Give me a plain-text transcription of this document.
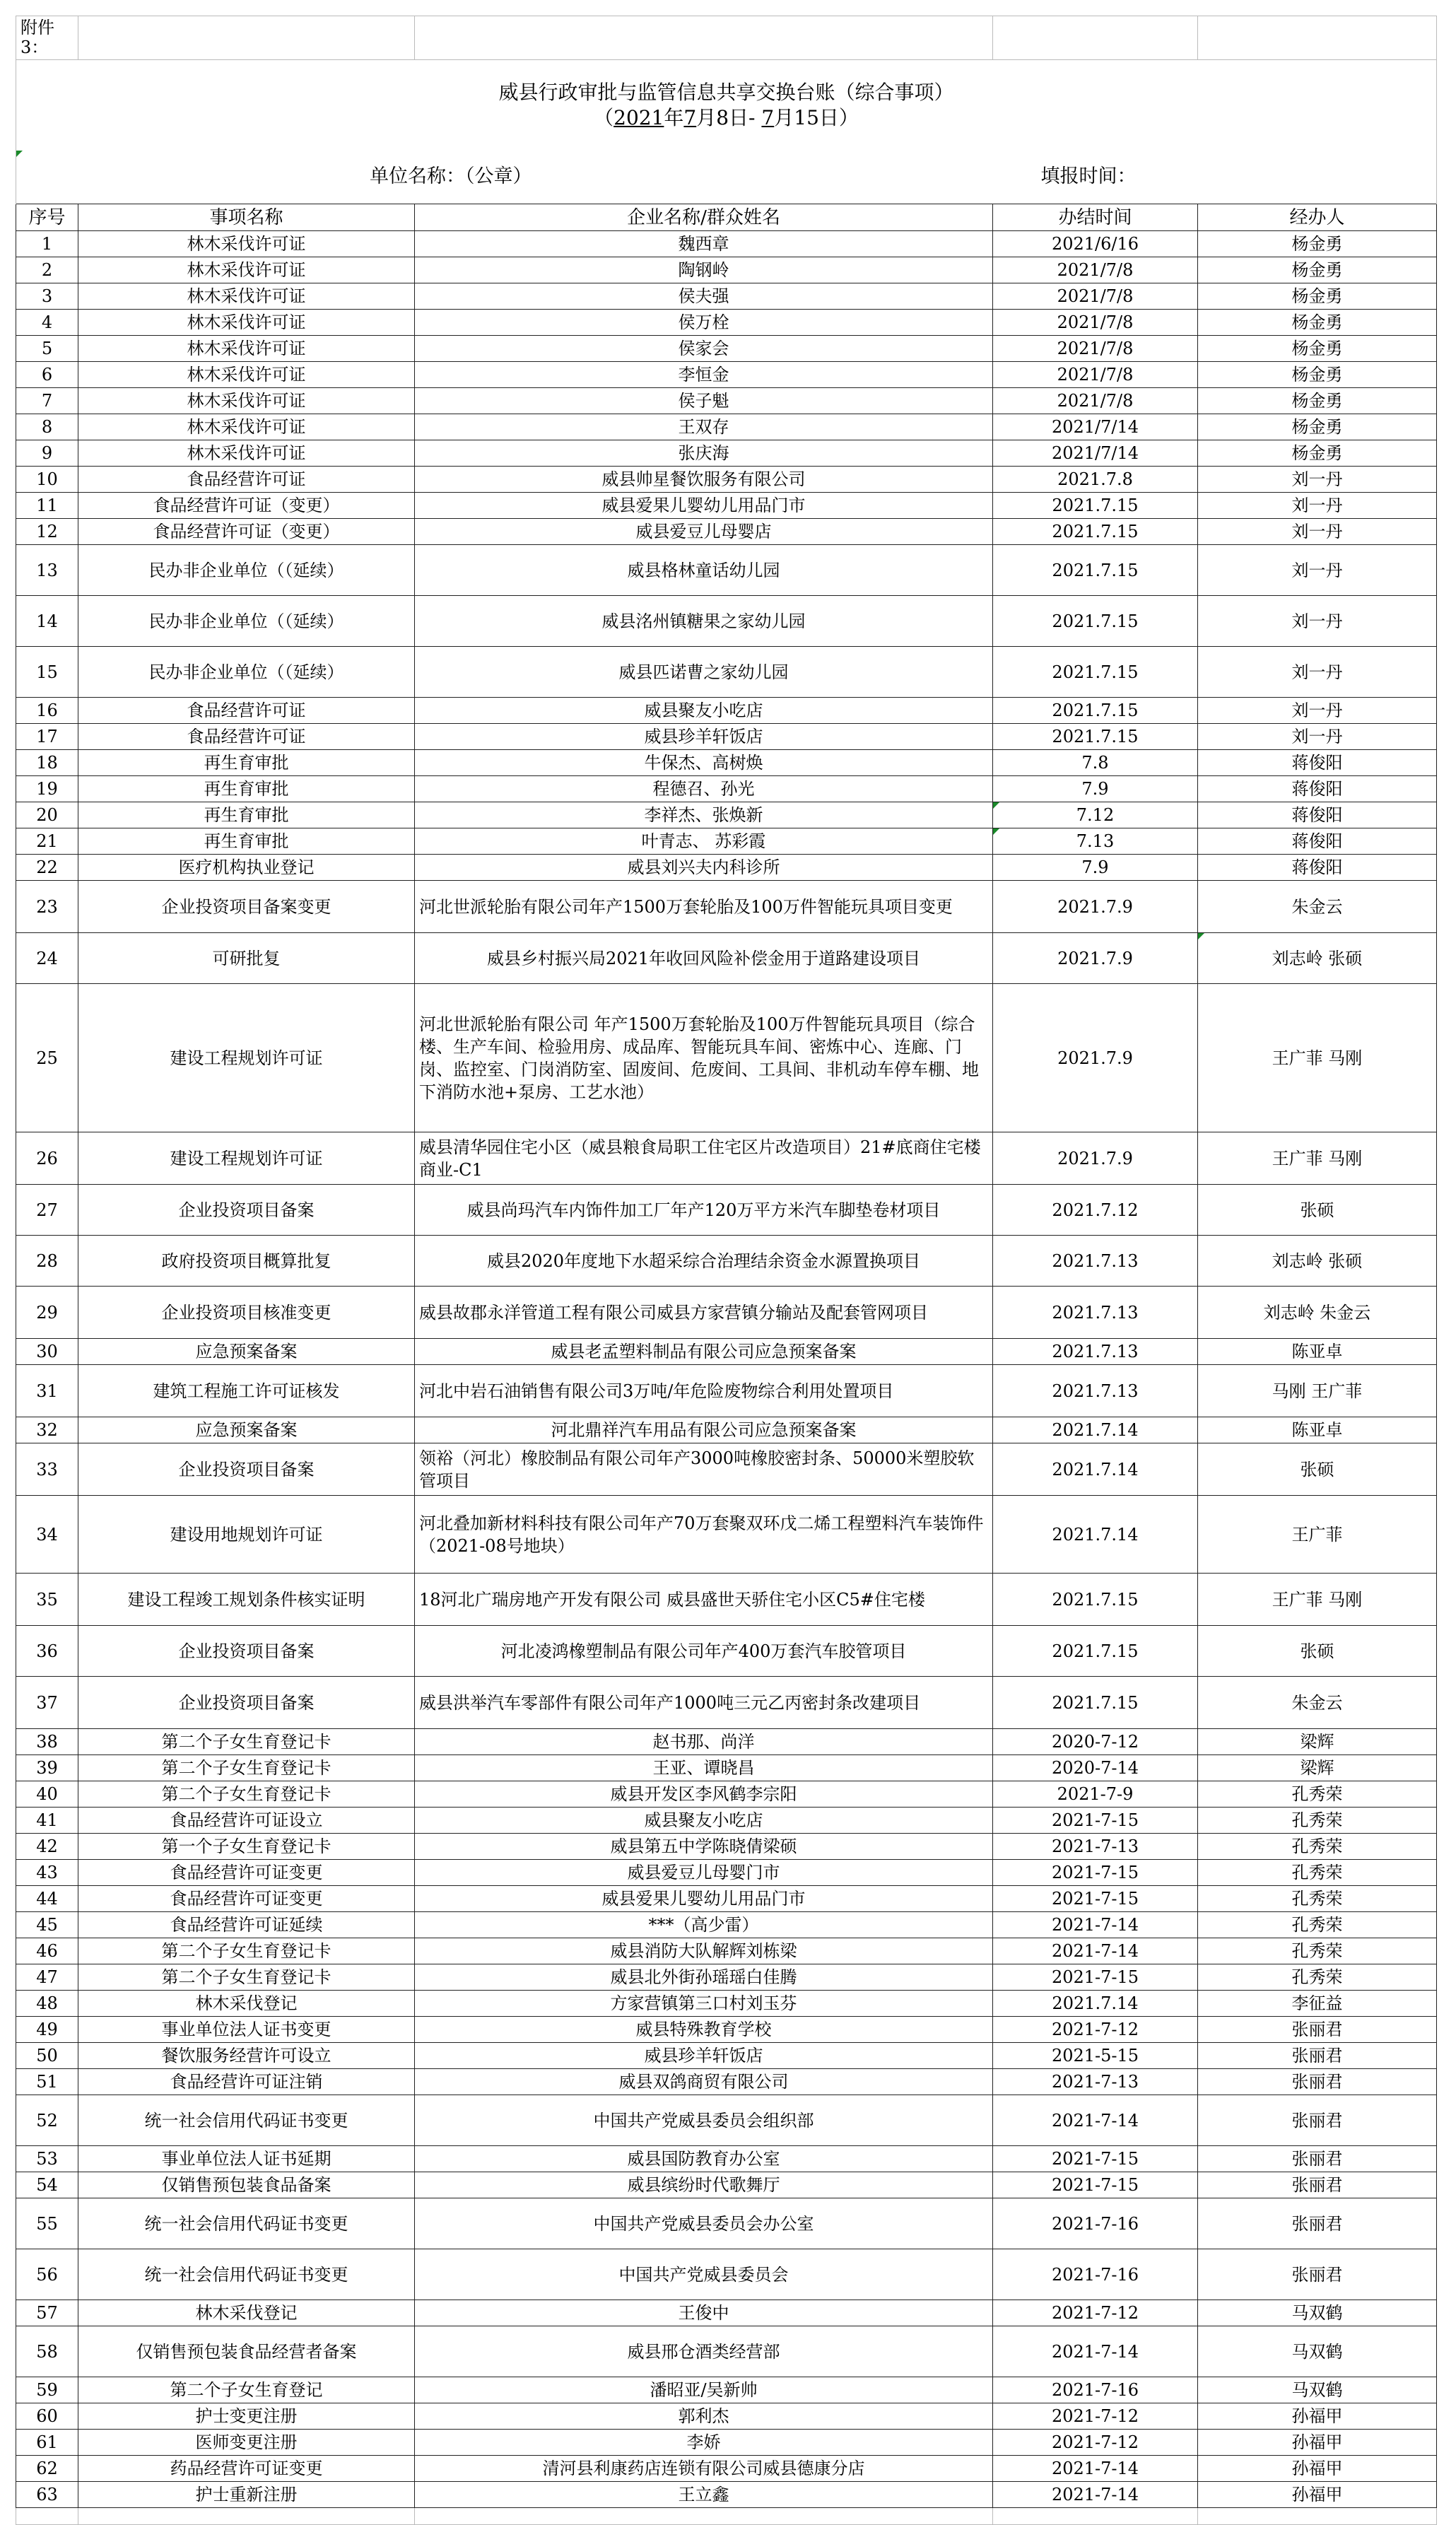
附件3：				

威县行政审批与监管信息共享交换台账（综合事项）
（2021年7月8日- 7月15日）				

单位名称：（公章） 填报时间：				
序号	事项名称	企业名称/群众姓名	办结时间	经办人
1	林木采伐许可证	魏西章	2021/6/16	杨金勇
2	林木采伐许可证	陶钢岭	2021/7/8	杨金勇
3	林木采伐许可证	侯夫强	2021/7/8	杨金勇
4	林木采伐许可证	侯万栓	2021/7/8	杨金勇
5	林木采伐许可证	侯家会	2021/7/8	杨金勇
6	林木采伐许可证	李恒金	2021/7/8	杨金勇
7	林木采伐许可证	侯子魁	2021/7/8	杨金勇
8	林木采伐许可证	王双存	2021/7/14	杨金勇
9	林木采伐许可证	张庆海	2021/7/14	杨金勇
10	食品经营许可证	威县帅星餐饮服务有限公司	2021.7.8	刘一丹
11	食品经营许可证（变更）	威县爱果儿婴幼儿用品门市	2021.7.15	刘一丹
12	食品经营许可证（变更）	威县爱豆儿母婴店	2021.7.15	刘一丹
13	民办非企业单位（（延续）	威县格林童话幼儿园	2021.7.15	刘一丹
14	民办非企业单位（（延续）	威县洺州镇糖果之家幼儿园	2021.7.15	刘一丹
15	民办非企业单位（（延续）	威县匹诺曹之家幼儿园	2021.7.15	刘一丹
16	食品经营许可证	威县聚友小吃店	2021.7.15	刘一丹
17	食品经营许可证	威县珍羊轩饭店	2021.7.15	刘一丹
18	再生育审批	牛保杰、高树焕	7.8	蒋俊阳
19	再生育审批	程德召、孙光	7.9	蒋俊阳
20	再生育审批	李祥杰、张焕新	7.12	蒋俊阳
21	再生育审批	叶青志、 苏彩霞	7.13	蒋俊阳
22	医疗机构执业登记	威县刘兴夫内科诊所	7.9	蒋俊阳
23	企业投资项目备案变更	河北世派轮胎有限公司年产1500万套轮胎及100万件智能玩具项目变更	2021.7.9	朱金云
24	可研批复	威县乡村振兴局2021年收回风险补偿金用于道路建设项目	2021.7.9	刘志岭 张硕
25	建设工程规划许可证	河北世派轮胎有限公司 年产1500万套轮胎及100万件智能玩具项目（综合楼、生产车间、检验用房、成品库、智能玩具车间、密炼中心、连廊、门岗、监控室、门岗消防室、固废间、危废间、工具间、非机动车停车棚、地下消防水池+泵房、工艺水池）	2021.7.9	王广菲 马刚
26	建设工程规划许可证	威县清华园住宅小区（威县粮食局职工住宅区片改造项目）21#底商住宅楼商业-C1	2021.7.9	王广菲 马刚
27	企业投资项目备案	威县尚玛汽车内饰件加工厂年产120万平方米汽车脚垫卷材项目	2021.7.12	张硕
28	政府投资项目概算批复	威县2020年度地下水超采综合治理结余资金水源置换项目	2021.7.13	刘志岭 张硕
29	企业投资项目核准变更	威县故郡永洋管道工程有限公司威县方家营镇分输站及配套管网项目	2021.7.13	刘志岭 朱金云
30	应急预案备案	威县老孟塑料制品有限公司应急预案备案	2021.7.13	陈亚卓
31	建筑工程施工许可证核发	河北中岩石油销售有限公司3万吨/年危险废物综合利用处置项目	2021.7.13	马刚 王广菲
32	应急预案备案	河北鼎祥汽车用品有限公司应急预案备案	2021.7.14	陈亚卓
33	企业投资项目备案	领裕（河北）橡胶制品有限公司年产3000吨橡胶密封条、50000米塑胶软管项目	2021.7.14	张硕
34	建设用地规划许可证	河北叠加新材料科技有限公司年产70万套聚双环戊二烯工程塑料汽车装饰件（2021-08号地块）	2021.7.14	王广菲
35	建设工程竣工规划条件核实证明	18河北广瑞房地产开发有限公司 威县盛世天骄住宅小区C5#住宅楼	2021.7.15	王广菲 马刚
36	企业投资项目备案	河北凌鸿橡塑制品有限公司年产400万套汽车胶管项目	2021.7.15	张硕
37	企业投资项目备案	威县洪举汽车零部件有限公司年产1000吨三元乙丙密封条改建项目	2021.7.15	朱金云
38	第二个子女生育登记卡	赵书那、尚洋	2020-7-12	梁辉
39	第二个子女生育登记卡	王亚、谭晓昌	2020-7-14	梁辉
40	第二个子女生育登记卡	威县开发区李风鹤李宗阳	2021-7-9	孔秀荣
41	食品经营许可证设立	威县聚友小吃店	2021-7-15	孔秀荣
42	第一个子女生育登记卡	威县第五中学陈晓倩梁硕	2021-7-13	孔秀荣
43	食品经营许可证变更	威县爱豆儿母婴门市	2021-7-15	孔秀荣
44	食品经营许可证变更	威县爱果儿婴幼儿用品门市	2021-7-15	孔秀荣
45	食品经营许可证延续	***（高少雷）	2021-7-14	孔秀荣
46	第二个子女生育登记卡	威县消防大队解辉刘栋梁	2021-7-14	孔秀荣
47	第二个子女生育登记卡	威县北外街孙瑶瑶白佳腾	2021-7-15	孔秀荣
48	林木采伐登记	方家营镇第三口村刘玉芬	2021.7.14	李征益
49	事业单位法人证书变更	威县特殊教育学校	2021-7-12	张丽君
50	餐饮服务经营许可设立	威县珍羊轩饭店	2021-5-15	张丽君
51	食品经营许可证注销	威县双鸽商贸有限公司	2021-7-13	张丽君
52	统一社会信用代码证书变更	中国共产党威县委员会组织部	2021-7-14	张丽君
53	事业单位法人证书延期	威县国防教育办公室	2021-7-15	张丽君
54	仅销售预包装食品备案	威县缤纷时代歌舞厅	2021-7-15	张丽君
55	统一社会信用代码证书变更	中国共产党威县委员会办公室	2021-7-16	张丽君
56	统一社会信用代码证书变更	中国共产党威县委员会	2021-7-16	张丽君
57	林木采伐登记	王俊中	2021-7-12	马双鹤
58	仅销售预包装食品经营者备案	威县邢仓酒类经营部	2021-7-14	马双鹤
59	第二个子女生育登记	潘昭亚/吴新帅	2021-7-16	马双鹤
60	护士变更注册	郭利杰	2021-7-12	孙福甲
61	医师变更注册	李娇	2021-7-12	孙福甲
62	药品经营许可证变更	清河县利康药店连锁有限公司威县德康分店	2021-7-14	孙福甲
63	护士重新注册	王立鑫	2021-7-14	孙福甲
